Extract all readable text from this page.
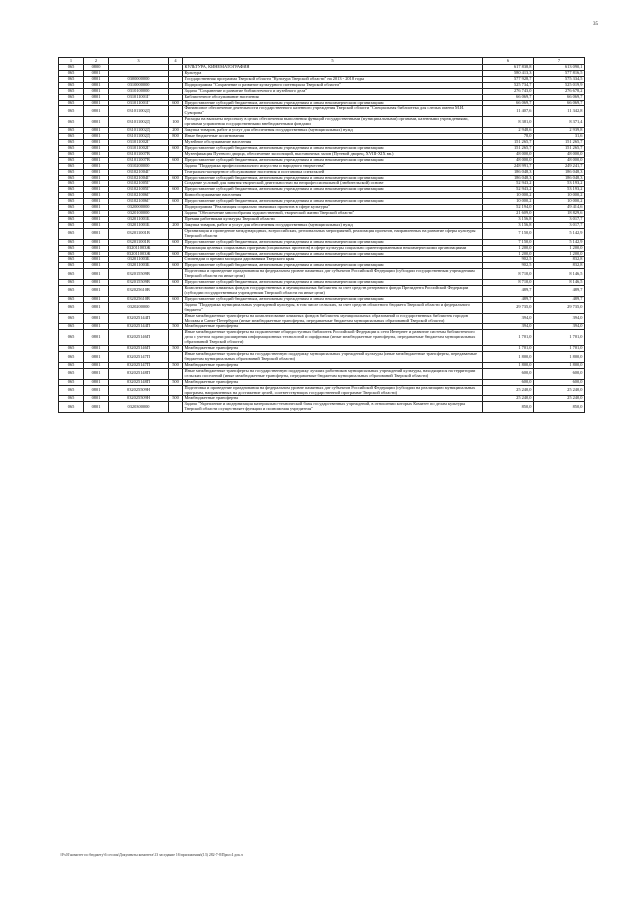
35
1	2	3	4	5	6	7
065	0800			КУЛЬТУРА, КИНЕМАТОГРАФИЯ	617 838,8	613 090,1
065	0801			Культура	580 413,3	577 816,5
065	0801	0300000000		Государственная программа Тверской области "Культура Тверской области" на 2013 - 2018 годы	577 928,7	575 334,5
065	0801	0310000000		Подпрограмма "Сохранение и развитие культурного потенциала Тверской области"	525 734,7	525 019,9
065	0801	0310100000		Задача "Сохранение и развитие библиотечного и музейного дела"	276 743,0	276 678,2
065	0801	031011001Г		Библиотечное обслуживание населения	66 069,7	66 069,7
065	0801	031011001Г	600	Предоставление субсидий бюджетным, автономным учреждениям и иным некоммерческим организациям	66 069,7	66 069,7
065	0801	031011002Д		Финансовое обеспечение деятельности государственного казенного учреждения Тверской области "Специальная библиотека для слепых имени М.И. Суворова"	11 407,6	11 342,8
065	0801	031011002Д	100	Расходы на выплаты персоналу в целях обеспечения выполнения функций государственными (муниципальными) органами, казенными учреждениями, органами управления государственными внебюджетными фондами	8 381,0	8 371,4
065	0801	031011002Д	200	Закупка товаров, работ и услуг для обеспечения государственных (муниципальных) нужд	2 948,6	2 939,8
065	0801	031011002Д	800	Иные бюджетные ассигнования	78,0	31,6
065	0801	031011002Г		Музейное обслуживание населения	151 265,7	151 265,7
065	0801	031011002Г	600	Предоставление субсидий бюджетным, автономным учреждениям и иным некоммерческим организациям	151 265,7	151 265,7
065	0801	031011007В		Музеефикация Путевого дворца, обеспечение экспозиций, выставочных залов (Путевой дворец, XVIII-XIX вв.)	48 000,0	48 000,0
065	0801	031011007В	600	Предоставление субсидий бюджетным, автономным учреждениям и иным некоммерческим организациям	48 000,0	48 000,0
065	0801	0310200000		Задача "Поддержка профессионального искусства и народного творчества"	248 991,7	249 241,7
065	0801	031021004Г		Театрально-концертное обслуживание населения и постановка спектаклей	186 048,3	186 048,3
065	0801	031021004Г	600	Предоставление субсидий бюджетным, автономным учреждениям и иным некоммерческим организациям	186 048,3	186 048,3
065	0801	031021005Г		Создание условий для занятия творческой деятельностью на непрофессиональной (любительской) основе	52 943,2	53 193,2
065	0801	031021005Г	600	Предоставление субсидий бюджетным, автономным учреждениям и иным некоммерческим организациям	52 943,2	53 193,2
065	0801	031021006Г		Кинообслуживание населения	10 000,2	10 000,2
065	0801	031021006Г	600	Предоставление субсидий бюджетным, автономным учреждениям и иным некоммерческим организациям	10 000,2	10 000,2
065	0801	0320000000		Подпрограмма "Реализация социально значимых проектов в сфере культуры"	52 194,0	49 414,6
065	0801	0320100000		Задача "Обеспечение многообразия художественной, творческой жизни Тверской области"	21 609,0	18 829,6
065	0801	032011001Б		Премии работникам культуры Тверской области	3 156,8	3 017,7
065	0801	032011001Б	200	Закупка товаров, работ и услуг для обеспечения государственных (муниципальных) нужд	3 156,8	3 017,7
065	0801	032011001В		Организация и проведение международных, всероссийских, региональных мероприятий, реализация проектов, направленных на развитие сферы культуры Тверской области	7 150,0	5 142,9
065	0801	032011001В	600	Предоставление субсидий бюджетным, автономным учреждениям и иным некоммерческим организациям	7 150,0	5 142,9
065	0801	032011003Ж		Реализация целевых социальных программ (социальных проектов) в сфере культуры социально ориентированными некоммерческими организациями	1 200,0	1 200,0
065	0801	032011003Ж	600	Предоставление субсидий бюджетным, автономным учреждениям и иным некоммерческим организациям	1 200,0	1 200,0
065	0801	032011003Б		Стипендии и премии молодым дарованиям Тверского края	902,5	832,8
065	0801	032011003Б	600	Предоставление субсидий бюджетным, автономным учреждениям и иным некоммерческим организациям	902,5	832,8
065	0801	032015509В		Подготовка и проведение празднования на федеральном уровне памятных дат субъектов Российской Федерации (субсидии государственным учреждениям Тверской области на иные цели)	8 710,0	8 146,5
065	0801	032015509В	600	Предоставление субсидий бюджетным, автономным учреждениям и иным некоммерческим организациям	8 710,0	8 146,5
065	0801	032025610В		Комплектование книжных фондов государственных и муниципальных библиотек за счет средств резервного фонда Президента Российской Федерации (субсидии государственным учреждениям Тверской области на иные цели)	489,7	489,7
065	0801	032025610В	600	Предоставление субсидий бюджетным, автономным учреждениям и иным некоммерческим организациям	489,7	489,7
065	0801	0320200000		Задача "Поддержка муниципальных учреждений культуры, в том числе сельских, за счет средств областного бюджета Тверской области и федерального бюджета"	29 735,0	29 735,0
065	0801	032025144П		Иные межбюджетные трансферты на комплектование книжных фондов библиотек муниципальных образований и государственных библиотек городов Москвы и Санкт-Петербурга (иные межбюджетные трансферты, передаваемые бюджетам муниципальных образований Тверской области)	394,0	394,0
065	0801	032025144П	500	Межбюджетные трансферты	394,0	394,0
065	0801	032025146П		Иные межбюджетные трансферты на подключение общедоступных библиотек Российской Федерации к сети Интернет и развитие системы библиотечного дела с учетом задачи расширения информационных технологий и оцифровки (иные межбюджетные трансферты, передаваемые бюджетам муниципальных образований Тверской области)	1 701,0	1 701,0
065	0801	032025146П	500	Межбюджетные трансферты	1 701,0	1 701,0
065	0801	032025147П		Иные межбюджетные трансферты на государственную поддержку муниципальных учреждений культуры (иные межбюджетные трансферты, передаваемые бюджетам муниципальных образований Тверской области)	1 800,0	1 800,0
065	0801	032025147П	500	Межбюджетные трансферты	1 800,0	1 800,0
065	0801	032025148П		Иные межбюджетные трансферты на государственную поддержку лучших работников муниципальных учреждений культуры, находящихся на территории сельских поселений (иные межбюджетные трансферты, передаваемые бюджетам муниципальных образований Тверской области)	600,0	600,0
065	0801	032025148П	500	Межбюджетные трансферты	600,0	600,0
065	0801	032025509Н		Подготовка и проведение празднования на федеральном уровне памятных дат субъектов Российской Федерации (субсидии на реализацию муниципальных программ, направленных на достижение целей, соответствующих государственной программе Тверской области)	25 240,0	25 240,0
065	0801	032025509Н	500	Межбюджетные трансферты	25 240,0	25 240,0
065	0801	0320300000		Задача "Укрепление и модернизация материально-технической базы государственных учреждений, в отношении которых Комитет по делам культуры Тверской области осуществляет функции и полномочия учредителя"	850,0	850,0
\\Fs01\комитет по бюджету\6 сессия\Документы комитета\13 заседание 16\приложения\(13) 282-7-8\Прил 4 док.ч
